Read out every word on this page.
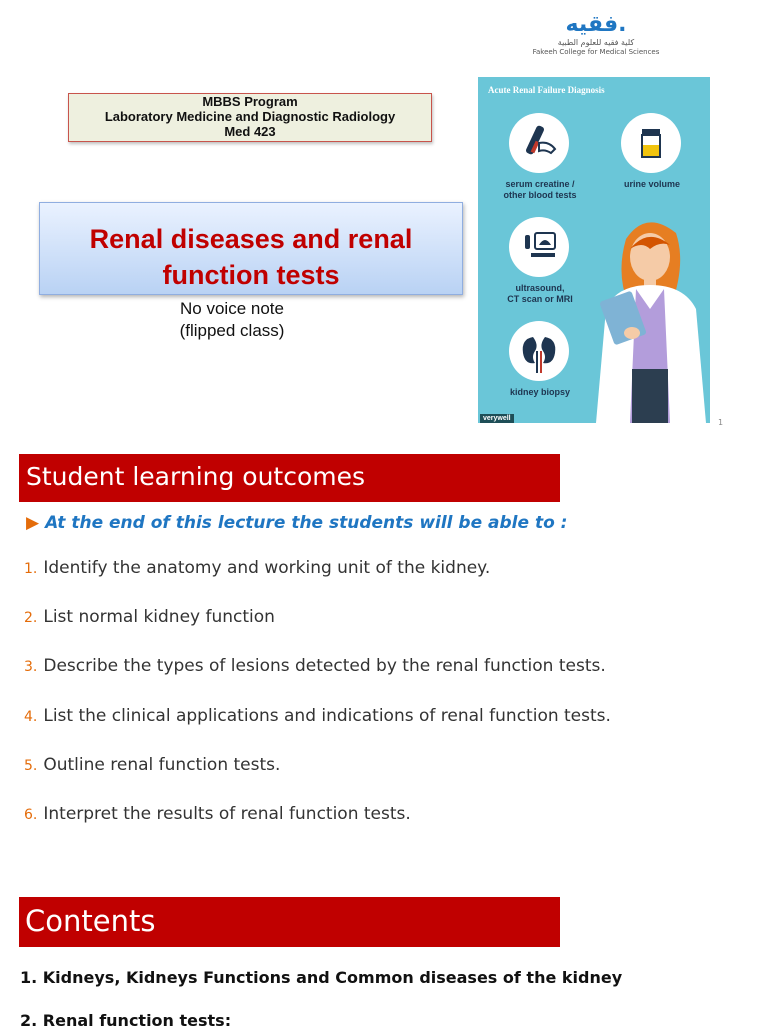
فقيه.
كلية فقيه للعلوم الطبية
Fakeeh College for Medical Sciences
MBBS Program
Laboratory Medicine and Diagnostic Radiology
Med 423
Renal diseases and renal
function tests
No voice note
(flipped class)
Acute Renal Failure Diagnosis
serum creatine /
other blood tests
urine volume
ultrasound,
CT scan or MRI
kidney biopsy
verywell	1
Student learning outcomes
▶ At the end of this lecture the students will be able to :
1. Identify the anatomy and working unit of the kidney.
2. List normal kidney function
3. Describe the types of lesions detected by the renal function tests.
4. List the clinical applications and indications of renal function tests.
5. Outline renal function tests.
6. Interpret the results of renal function tests.
Contents
1. Kidneys, Kidneys Functions and Common diseases of the kidney
2. Renal function tests:
